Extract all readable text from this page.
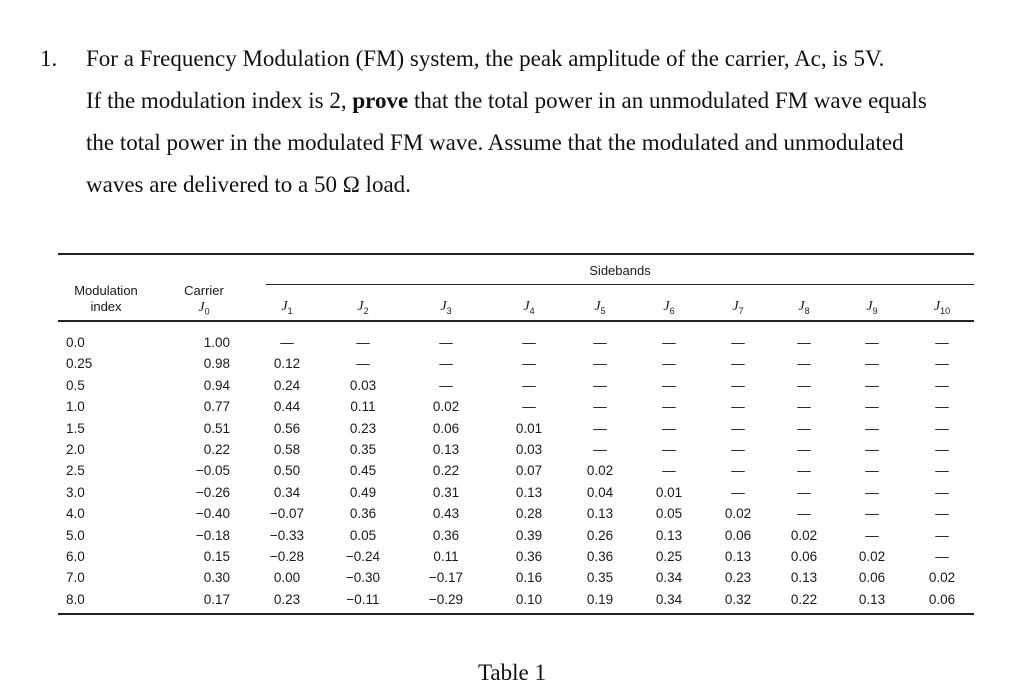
1.	For a Frequency Modulation (FM) system, the peak amplitude of the carrier, Ac, is 5V.
If the modulation index is 2, prove that the total power in an unmodulated FM wave equals
the total power in the modulated FM wave. Assume that the modulated and unmodulated
waves are delivered to a 50 Ω load.
Sidebands
Modulation
index
Carrier
$J_0$	$J_1$	$J_2$	$J_3$	$J_4$	$J_5$	$J_6$	$J_7$	$J_8$	$J_9$	$J_{10}$
0.0	1.00	—	—	—	—	—	—	—	—	—	—
0.25	0.98	0.12	—	—	—	—	—	—	—	—	—
0.5	0.94	0.24	0.03	—	—	—	—	—	—	—	—
1.0	0.77	0.44	0.11	0.02	—	—	—	—	—	—	—
1.5	0.51	0.56	0.23	0.06	0.01	—	—	—	—	—	—
2.0	0.22	0.58	0.35	0.13	0.03	—	—	—	—	—	—
2.5	−0.05	0.50	0.45	0.22	0.07	0.02	—	—	—	—	—
3.0	−0.26	0.34	0.49	0.31	0.13	0.04	0.01	—	—	—	—
4.0	−0.40	−0.07	0.36	0.43	0.28	0.13	0.05	0.02	—	—	—
5.0	−0.18	−0.33	0.05	0.36	0.39	0.26	0.13	0.06	0.02	—	—
6.0	0.15	−0.28	−0.24	0.11	0.36	0.36	0.25	0.13	0.06	0.02	—
7.0	0.30	0.00	−0.30	−0.17	0.16	0.35	0.34	0.23	0.13	0.06	0.02
8.0	0.17	0.23	−0.11	−0.29	0.10	0.19	0.34	0.32	0.22	0.13	0.06
Table 1
